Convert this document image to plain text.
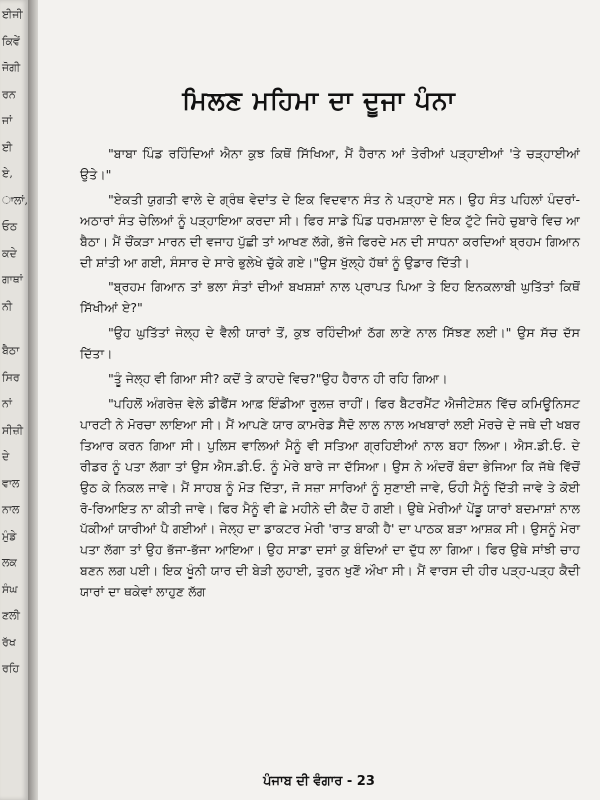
ਈਜੀ
ਕਿਵੇਂ
ਜੋਗੀ
ਰਨ
ਜਾਂ
ਈ
ਏ,
ਾਲਾਂ,
ਓਠ
ਕਦੇ
ਗਾਥਾਂ
ਨੀ
ਬੈਠਾ
ਸਿਰ
ਨਾਂ
ਸੀਜ਼ੀ
ਦੇ
ਵਾਲ
ਨਾਲ
ਮੁੰਡੇ
ਲਕ
ਸੰਘ
ਣਲੀ
ਰੱਖ
ਰਹਿ
ਮਿਲਣ ਮਹਿਮਾ ਦਾ ਦੂਜਾ ਪੰਨਾ

"ਬਾਬਾ ਪਿੰਡ ਰਹਿੰਦਿਆਂ ਐਨਾ ਕੁਝ ਕਿਥੋਂ ਸਿੱਖਿਆ, ਮੈਂ ਹੈਰਾਨ ਆਂ ਤੇਰੀਆਂ ਪੜ੍ਹਾਈਆਂ 'ਤੇ ਚੜ੍ਹਾਈਆਂ ਉਤੇ।"

"ਏਕਤੀ ਯੁਗਤੀ ਵਾਲੇ ਦੇ ਗ੍ਰੰਥ ਵੇਦਾਂਤ ਦੇ ਇਕ ਵਿਦਵਾਨ ਸੰਤ ਨੇ ਪੜ੍ਹਾਏ ਸਨ। ਉਹ ਸੰਤ ਪਹਿਲਾਂ ਪੰਦਰਾਂ-ਅਠਾਰਾਂ ਸੰਤ ਚੇਲਿਆਂ ਨੂੰ ਪੜ੍ਹਾਇਆ ਕਰਦਾ ਸੀ। ਫਿਰ ਸਾਡੇ ਪਿੰਡ ਧਰਮਸ਼ਾਲਾ ਦੇ ਇਕ ਟੁੱਟੇ ਜਿਹੇ ਚੁਬਾਰੇ ਵਿਚ ਆ ਬੈਠਾ। ਮੈਂ ਚੌਂਕੜਾ ਮਾਰਨ ਦੀ ਵਜਾਹ ਪੁੱਛੀ ਤਾਂ ਆਖਣ ਲੱਗੇ, ਭੱਜੇ ਫਿਰਦੇ ਮਨ ਦੀ ਸਾਧਨਾ ਕਰਦਿਆਂ ਬ੍ਰਹਮ ਗਿਆਨ ਦੀ ਸ਼ਾਂਤੀ ਆ ਗਈ, ਸੰਸਾਰ ਦੇ ਸਾਰੇ ਭੁਲੇਖੇ ਚੁੱਕੇ ਗਏ।"ਉਸ ਖੁੱਲ੍ਹੇ ਹੱਥਾਂ ਨੂੰ ਉਡਾਰ ਦਿੱਤੀ।

"ਬ੍ਰਹਮ ਗਿਆਨ ਤਾਂ ਭਲਾ ਸੰਤਾਂ ਦੀਆਂ ਬਖਸ਼ਸ਼ਾਂ ਨਾਲ ਪ੍ਰਾਪਤ ਪਿਆ ਤੇ ਇਹ ਇਨਕਲਾਬੀ ਘੁਤਿੱਤਾਂ ਕਿਥੋਂ ਸਿੱਖੀਆਂ ਏ?"

"ਉਹ ਘੁਤਿੱਤਾਂ ਜੇਲ੍ਹ ਦੇ ਵੈਲੀ ਯਾਰਾਂ ਤੋਂ, ਕੁਝ ਰਹਿੰਦੀਆਂ ਠੱਗ ਲਾਣੇ ਨਾਲ ਸਿੱਝਣ ਲਈ।" ਉਸ ਸੱਚ ਦੱਸ ਦਿੱਤਾ।

"ਤੂੰ ਜੇਲ੍ਹ ਵੀ ਗਿਆ ਸੀ? ਕਦੋਂ ਤੇ ਕਾਹਦੇ ਵਿਚ?"ਉਹ ਹੈਰਾਨ ਹੀ ਰਹਿ ਗਿਆ।

"ਪਹਿਲੋਂ ਅੰਗਰੇਜ਼ ਵੇਲੇ ਡੀਫੈਂਸ ਆਫ਼ ਇੰਡੀਆ ਰੂਲਜ਼ ਰਾਹੀਂ। ਫਿਰ ਬੈਟਰਮੈਂਟ ਐਜੀਟੇਸ਼ਨ ਵਿੱਚ ਕਮਿਊਨਿਸਟ ਪਾਰਟੀ ਨੇ ਮੋਰਚਾ ਲਾਇਆ ਸੀ। ਮੈਂ ਆਪਣੇ ਯਾਰ ਕਾਮਰੇਡ ਸੈਦੋ ਲਾਲ ਨਾਲ ਅਖਬਾਰਾਂ ਲਈ ਮੋਰਚੇ ਦੇ ਜਥੇ ਦੀ ਖਬਰ ਤਿਆਰ ਕਰਨ ਗਿਆ ਸੀ। ਪੁਲਿਸ ਵਾਲਿਆਂ ਮੈਨੂੰ ਵੀ ਸਤਿਆ ਗ੍ਰਹਿਈਆਂ ਨਾਲ ਬਹਾ ਲਿਆ। ਐਸ.ਡੀ.ਓ. ਦੇ ਰੀਡਰ ਨੂੰ ਪਤਾ ਲੱਗਾ ਤਾਂ ਉਸ ਐਸ.ਡੀ.ਓ. ਨੂੰ ਮੇਰੇ ਬਾਰੇ ਜਾ ਦੱਸਿਆ। ਉਸ ਨੇ ਅੰਦਰੋਂ ਬੰਦਾ ਭੇਜਿਆ ਕਿ ਜੱਥੇ ਵਿੱਚੋਂ ਉਠ ਕੇ ਨਿਕਲ ਜਾਵੇ। ਮੈਂ ਸਾਹਬ ਨੂੰ ਮੋੜ ਦਿੱਤਾ, ਜੋ ਸਜ਼ਾ ਸਾਰਿਆਂ ਨੂੰ ਸੁਣਾਈ ਜਾਵੇ, ਓਹੀ ਮੈਨੂੰ ਦਿੱਤੀ ਜਾਵੇ ਤੇ ਕੋਈ ਰੋ-ਰਿਆਇਤ ਨਾ ਕੀਤੀ ਜਾਵੇ। ਫਿਰ ਮੈਨੂੰ ਵੀ ਛੇ ਮਹੀਨੇ ਦੀ ਕੈਦ ਹੋ ਗਈ। ਉਥੇ ਮੇਰੀਆਂ ਪੇਂਡੂ ਯਾਰਾਂ ਬਦਮਾਸ਼ਾਂ ਨਾਲ ਪੱਕੀਆਂ ਯਾਰੀਆਂ ਪੈ ਗਈਆਂ। ਜੇਲ੍ਹ ਦਾ ਡਾਕਟਰ ਮੇਰੀ 'ਰਾਤ ਬਾਕੀ ਹੈ' ਦਾ ਪਾਠਕ ਬੜਾ ਆਸ਼ਕ ਸੀ। ਉਸਨੂੰ ਮੇਰਾ ਪਤਾ ਲੱਗਾ ਤਾਂ ਉਹ ਭੱਜਾ-ਭੱਜਾ ਆਇਆ। ਉਹ ਸਾਡਾ ਦਸਾਂ ਕੁ ਬੰਦਿਆਂ ਦਾ ਦੁੱਧ ਲਾ ਗਿਆ। ਫਿਰ ਉਥੇ ਸਾਂਝੀ ਚਾਹ ਬਣਨ ਲਗ ਪਈ। ਇਕ ਖੂੰਨੀ ਯਾਰ ਦੀ ਬੇੜੀ ਲੁਹਾਈ, ਤੁਰਨ ਖੁਣੋਂ ਔਖਾ ਸੀ। ਮੈਂ ਵਾਰਸ ਦੀ ਹੀਰ ਪੜ੍ਹ-ਪੜ੍ਹ ਕੈਦੀ ਯਾਰਾਂ ਦਾ ਥਕੇਵਾਂ ਲਾਹੁਣ ਲੱਗ

ਪੰਜਾਬ ਦੀ ਵੰਗਾਰ - 23
